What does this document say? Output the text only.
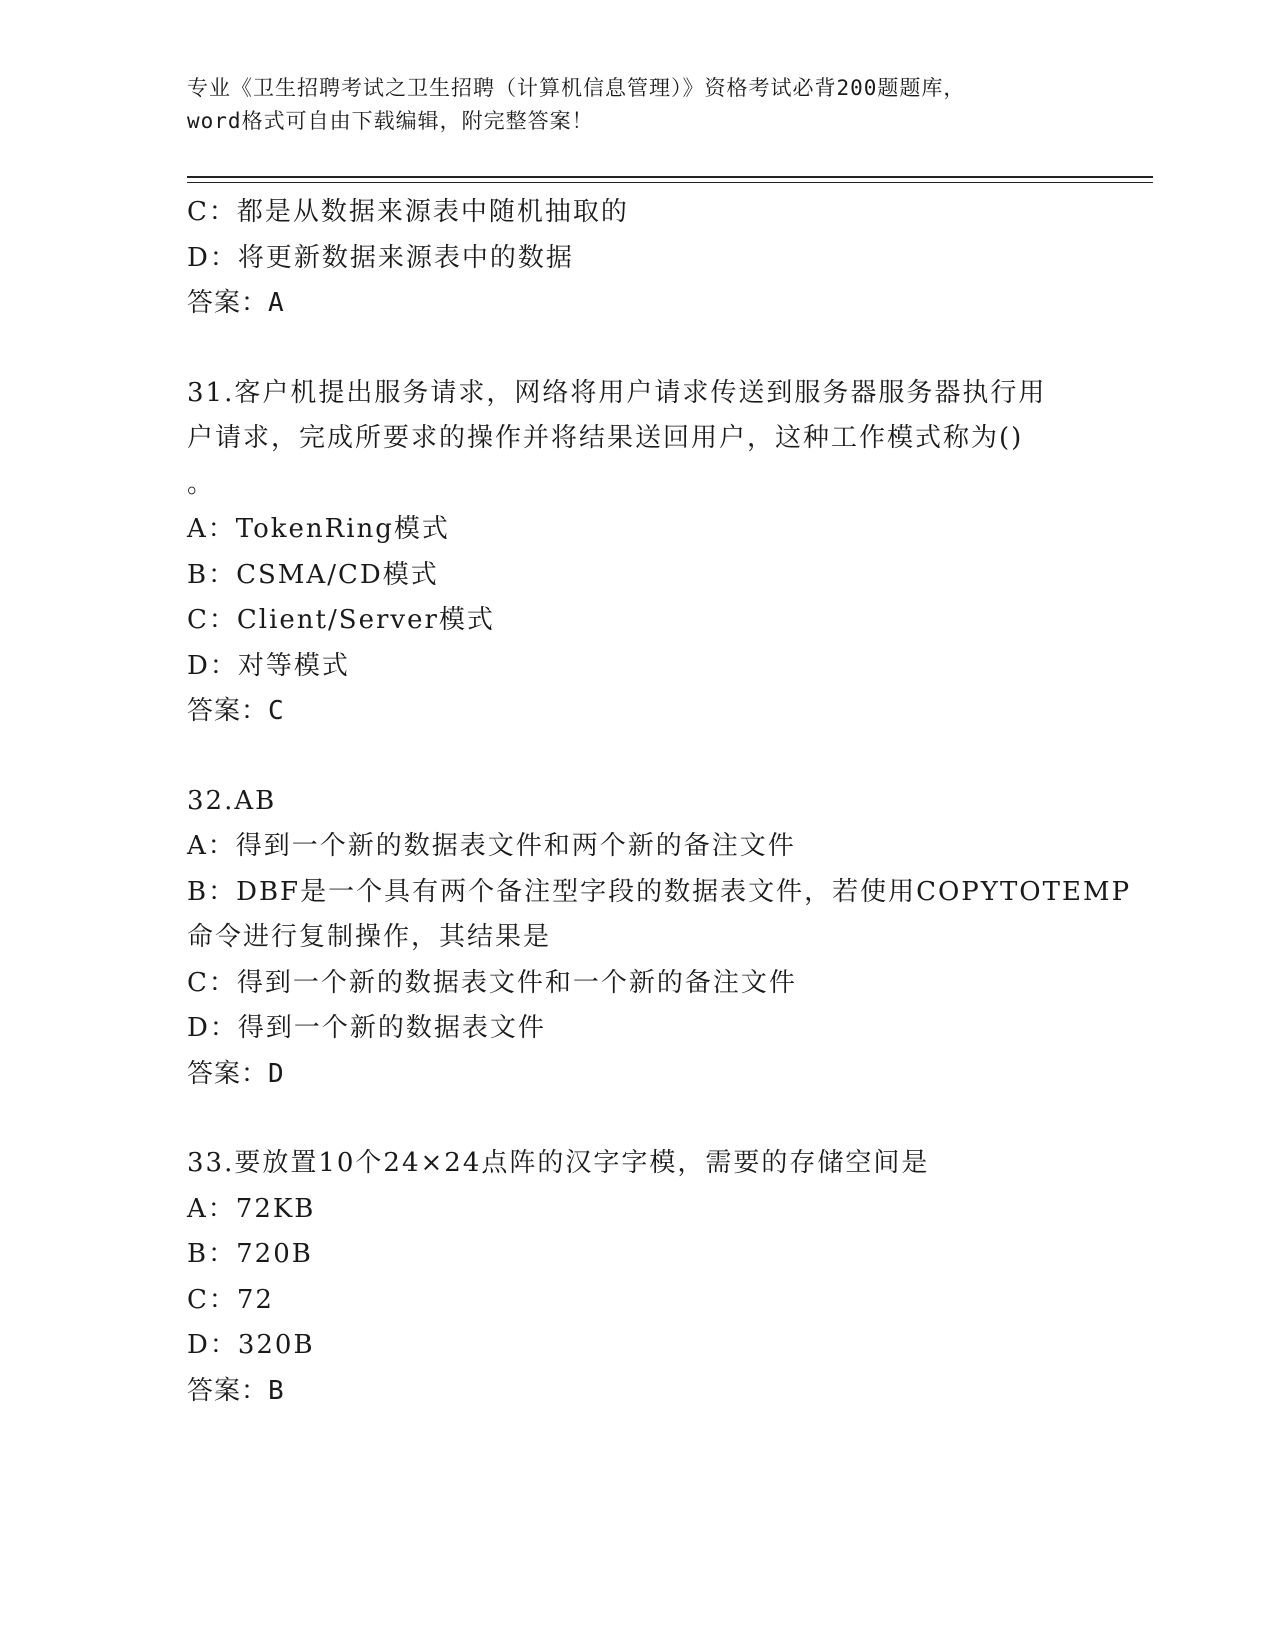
专业《卫生招聘考试之卫生招聘（计算机信息管理）》资格考试必背200题题库，
word格式可自由下载编辑，附完整答案！
C：都是从数据来源表中随机抽取的
D：将更新数据来源表中的数据
答案：A
31.客户机提出服务请求，网络将用户请求传送到服务器服务器执行用
户请求，完成所要求的操作并将结果送回用户，这种工作模式称为()
。
A：TokenRing模式
B：CSMA/CD模式
C：Client/Server模式
D：对等模式
答案：C
32.AB
A：得到一个新的数据表文件和两个新的备注文件
B：DBF是一个具有两个备注型字段的数据表文件，若使用COPYTOTEMP
命令进行复制操作，其结果是
C：得到一个新的数据表文件和一个新的备注文件
D：得到一个新的数据表文件
答案：D
33.要放置10个24×24点阵的汉字字模，需要的存储空间是
A：72KB
B：720B
C：72
D：320B
答案：B
